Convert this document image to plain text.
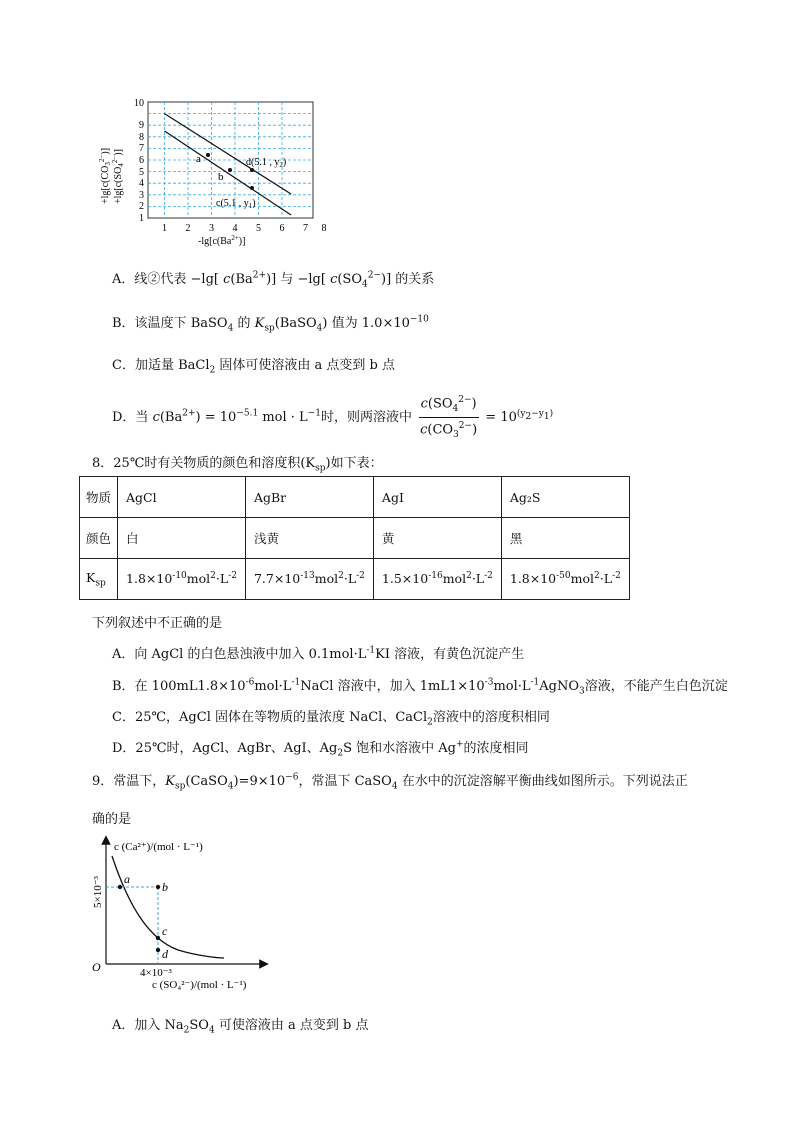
a
b
d(5.1 , $y_2$)
c(5.1 , $y_1$)
1
2
3
4
5
6
7
8
9
10
1 2 3 4 5 6 7 8
$-\lg[c(Ba^{2+})]$
$+\lg[c(CO_3^{2-})]$
$+\lg[c(SO_4^{2-})]$
A．线②代表 −lg[ $c(Ba^{2+})$] 与 −lg[ $c(SO_4^{2-})$] 的关系
B．该温度下 BaSO$_4$ 的 $K_{sp}(BaSO_4)$ 值为 $1.0\times 10^{-10}$
C．加适量 BaCl$_2$ 固体可使溶液由 a 点变到 b 点
D．当 $c(Ba^{2+}) = 10^{-5.1}$ mol · $L^{-1}$时，则两溶液中 $\frac{c(SO_4^{2-})}{c(CO_3^{2-})} = 10^{(y_2-y_1)}$
8．25℃时有关物质的颜色和溶度积$(K_{sp})$如下表：
物质	AgCl	AgBr	AgI	Ag₂S
颜色	白	浅黄	黄	黑
$K_{sp}$	$1.8\times 10^{-10}mol^2\cdot L^{-2}$	$7.7\times 10^{-13}mol^2\cdot L^{-2}$	$1.5\times 10^{-16}mol^2\cdot L^{-2}$	$1.8\times 10^{-50}mol^2\cdot L^{-2}$
下列叙述中不正确的是
A．向 AgCl 的白色悬浊液中加入 $0.1mol\cdot L^{-1}KI$ 溶液，有黄色沉淀产生
B．在 $100mL1.8\times 10^{-6}mol\cdot L^{-1}NaCl$ 溶液中，加入 $1mL1\times 10^{-3}mol\cdot L^{-1}AgNO_3$溶液，不能产生白色沉淀
C．25℃，AgCl 固体在等物质的量浓度 NaCl、CaCl$_2$溶液中的溶度积相同
D．25℃时，AgCl、AgBr、AgI、$Ag_2S$ 饱和水溶液中 Ag+的浓度相同
9．常温下，$K_{sp}(CaSO_4)=9\times 10^{-6}$，常温下 CaSO$_4$ 在水中的沉淀溶解平衡曲线如图所示。下列说法正
确的是
a
b
c
d
c (Ca²⁺)/(mol · L⁻¹)
c (SO₄²⁻)/(mol · L⁻¹)
5×10⁻³
4×10⁻³
O
A．加入 $Na_2SO_4$ 可使溶液由 a 点变到 b 点
